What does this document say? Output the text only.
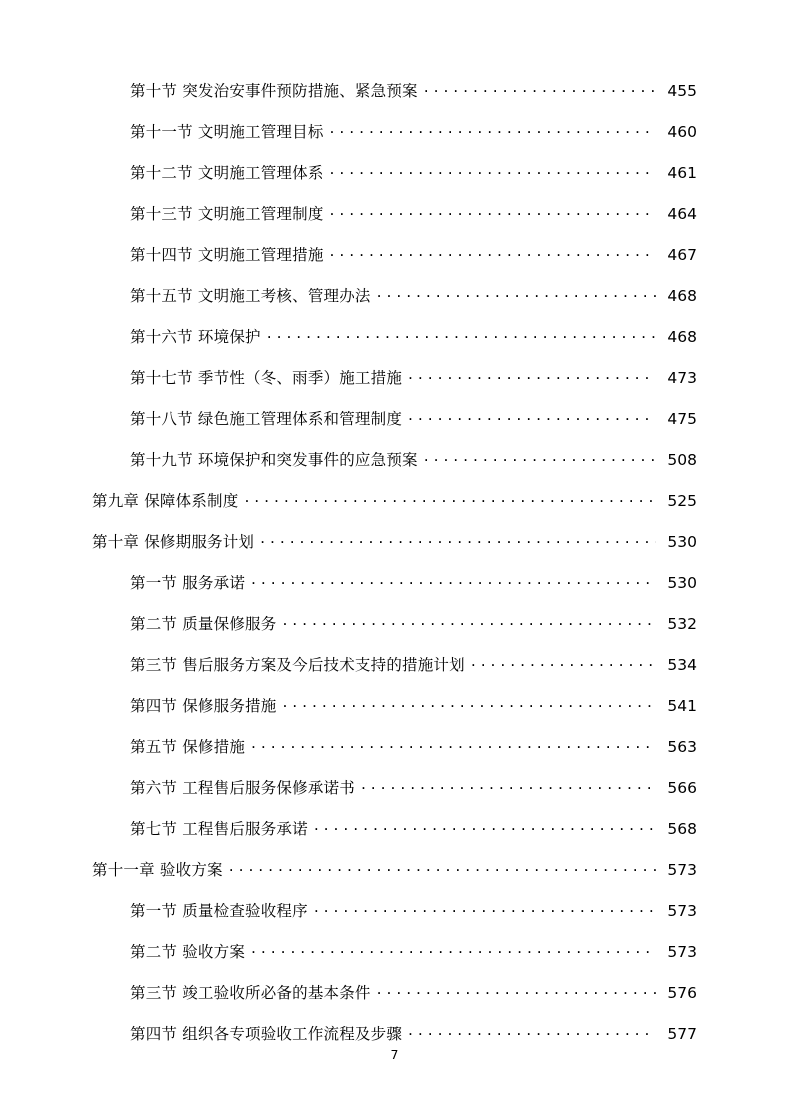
第十节 突发治安事件预防措施、紧急预案 . . .	455
第十一节 文明施工管理目标 . . .	460
第十二节 文明施工管理体系 . . .	461
第十三节 文明施工管理制度 . . .	464
第十四节 文明施工管理措施 . . .	467
第十五节 文明施工考核、管理办法 . . .	468
第十六节 环境保护 . . .	468
第十七节 季节性（冬、雨季）施工措施 . . .	473
第十八节 绿色施工管理体系和管理制度 . . .	475
第十九节 环境保护和突发事件的应急预案 . . .	508
第九章 保障体系制度 . . .	525
第十章 保修期服务计划 . . .	530
第一节 服务承诺 . . .	530
第二节 质量保修服务 . . .	532
第三节 售后服务方案及今后技术支持的措施计划 . . .	534
第四节 保修服务措施 . . .	541
第五节 保修措施 . . .	563
第六节 工程售后服务保修承诺书 . . .	566
第七节 工程售后服务承诺 . . .	568
第十一章 验收方案 . . .	573
第一节 质量检查验收程序 . . .	573
第二节 验收方案 . . .	573
第三节 竣工验收所必备的基本条件 . . .	576
第四节 组织各专项验收工作流程及步骤 . . .	577
7
